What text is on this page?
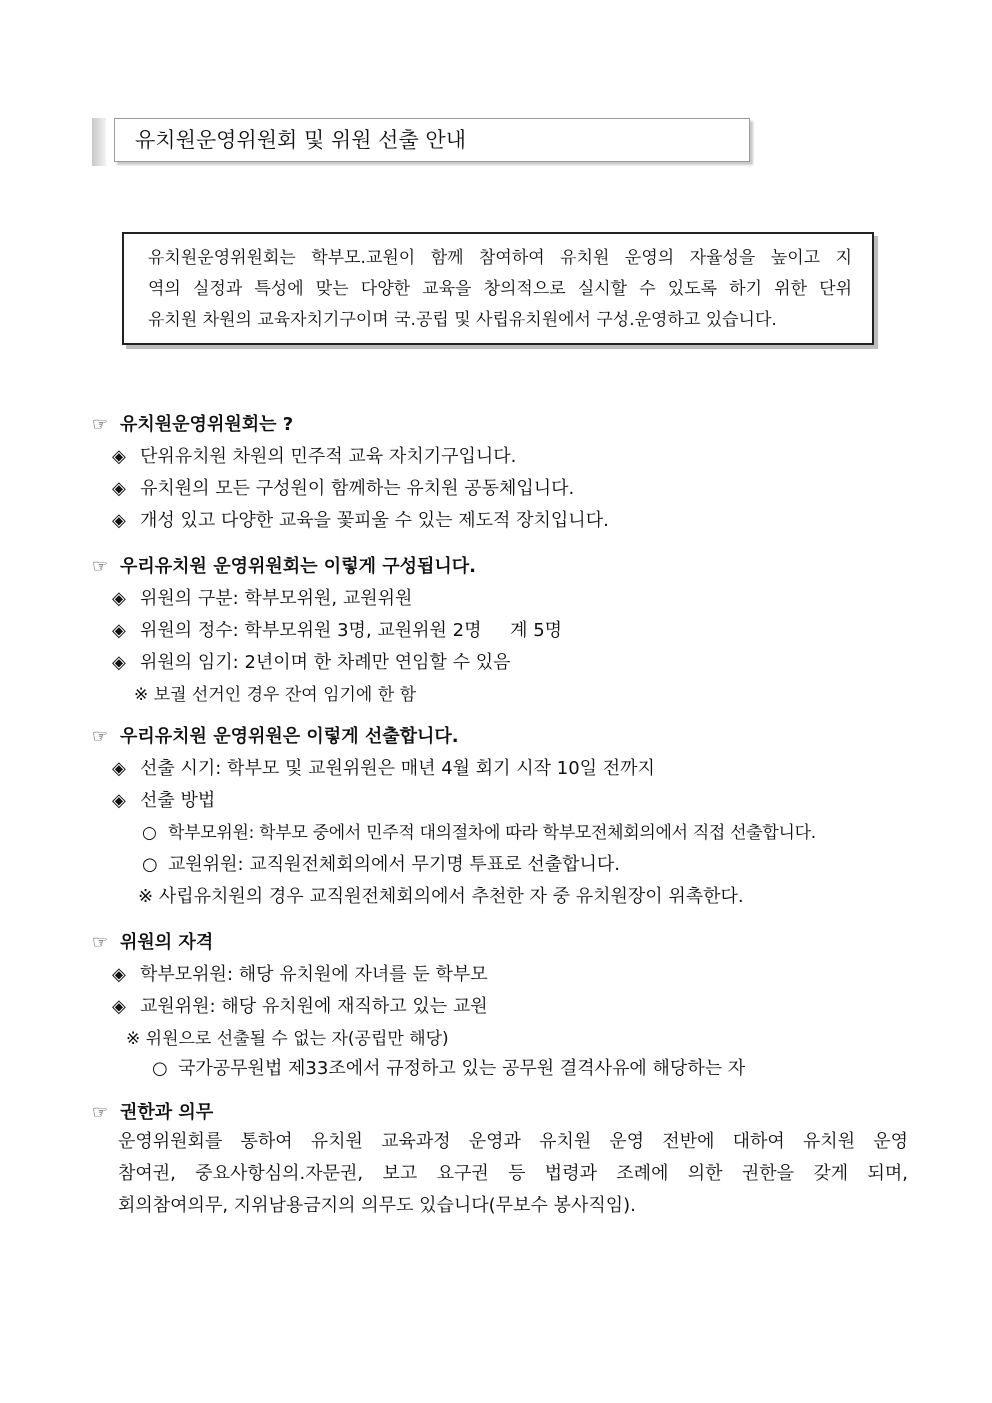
유치원운영위원회 및 위원 선출 안내
유치원운영위원회는 학부모.교원이 함께 참여하여 유치원 운영의 자율성을 높이고 지
역의 실정과 특성에 맞는 다양한 교육을 창의적으로 실시할 수 있도록 하기 위한 단위
유치원 차원의 교육자치기구이며 국.공립 및 사립유치원에서 구성.운영하고 있습니다.
☞ 유치원운영위원회는 ?
◈ 단위유치원 차원의 민주적 교육 자치기구입니다.
◈ 유치원의 모든 구성원이 함께하는 유치원 공동체입니다.
◈ 개성 있고 다양한 교육을 꽃피울 수 있는 제도적 장치입니다.
☞ 우리유치원 운영위원회는 이렇게 구성됩니다.
◈ 위원의 구분: 학부모위원, 교원위원
◈ 위원의 정수: 학부모위원 3명, 교원위원 2명     계 5명
◈ 위원의 임기: 2년이며 한 차례만 연임할 수 있음
※ 보궐 선거인 경우 잔여 임기에 한 함
☞ 우리유치원 운영위원은 이렇게 선출합니다.
◈ 선출 시기: 학부모 및 교원위원은 매년 4월 회기 시작 10일 전까지
◈ 선출 방법
○ 학부모위원: 학부모 중에서 민주적 대의절차에 따라 학부모전체회의에서 직접 선출합니다.
○ 교원위원: 교직원전체회의에서 무기명 투표로 선출합니다.
※ 사립유치원의 경우 교직원전체회의에서 추천한 자 중 유치원장이 위촉한다.
☞ 위원의 자격
◈ 학부모위원: 해당 유치원에 자녀를 둔 학부모
◈ 교원위원: 해당 유치원에 재직하고 있는 교원
※ 위원으로 선출될 수 없는 자(공립만 해당)
○ 국가공무원법 제33조에서 규정하고 있는 공무원 결격사유에 해당하는 자
☞ 권한과 의무
운영위원회를 통하여 유치원 교육과정 운영과 유치원 운영 전반에 대하여 유치원 운영
참여권, 중요사항심의.자문권, 보고 요구권 등 법령과 조례에 의한 권한을 갖게 되며,
회의참여의무, 지위남용금지의 의무도 있습니다(무보수 봉사직임).
